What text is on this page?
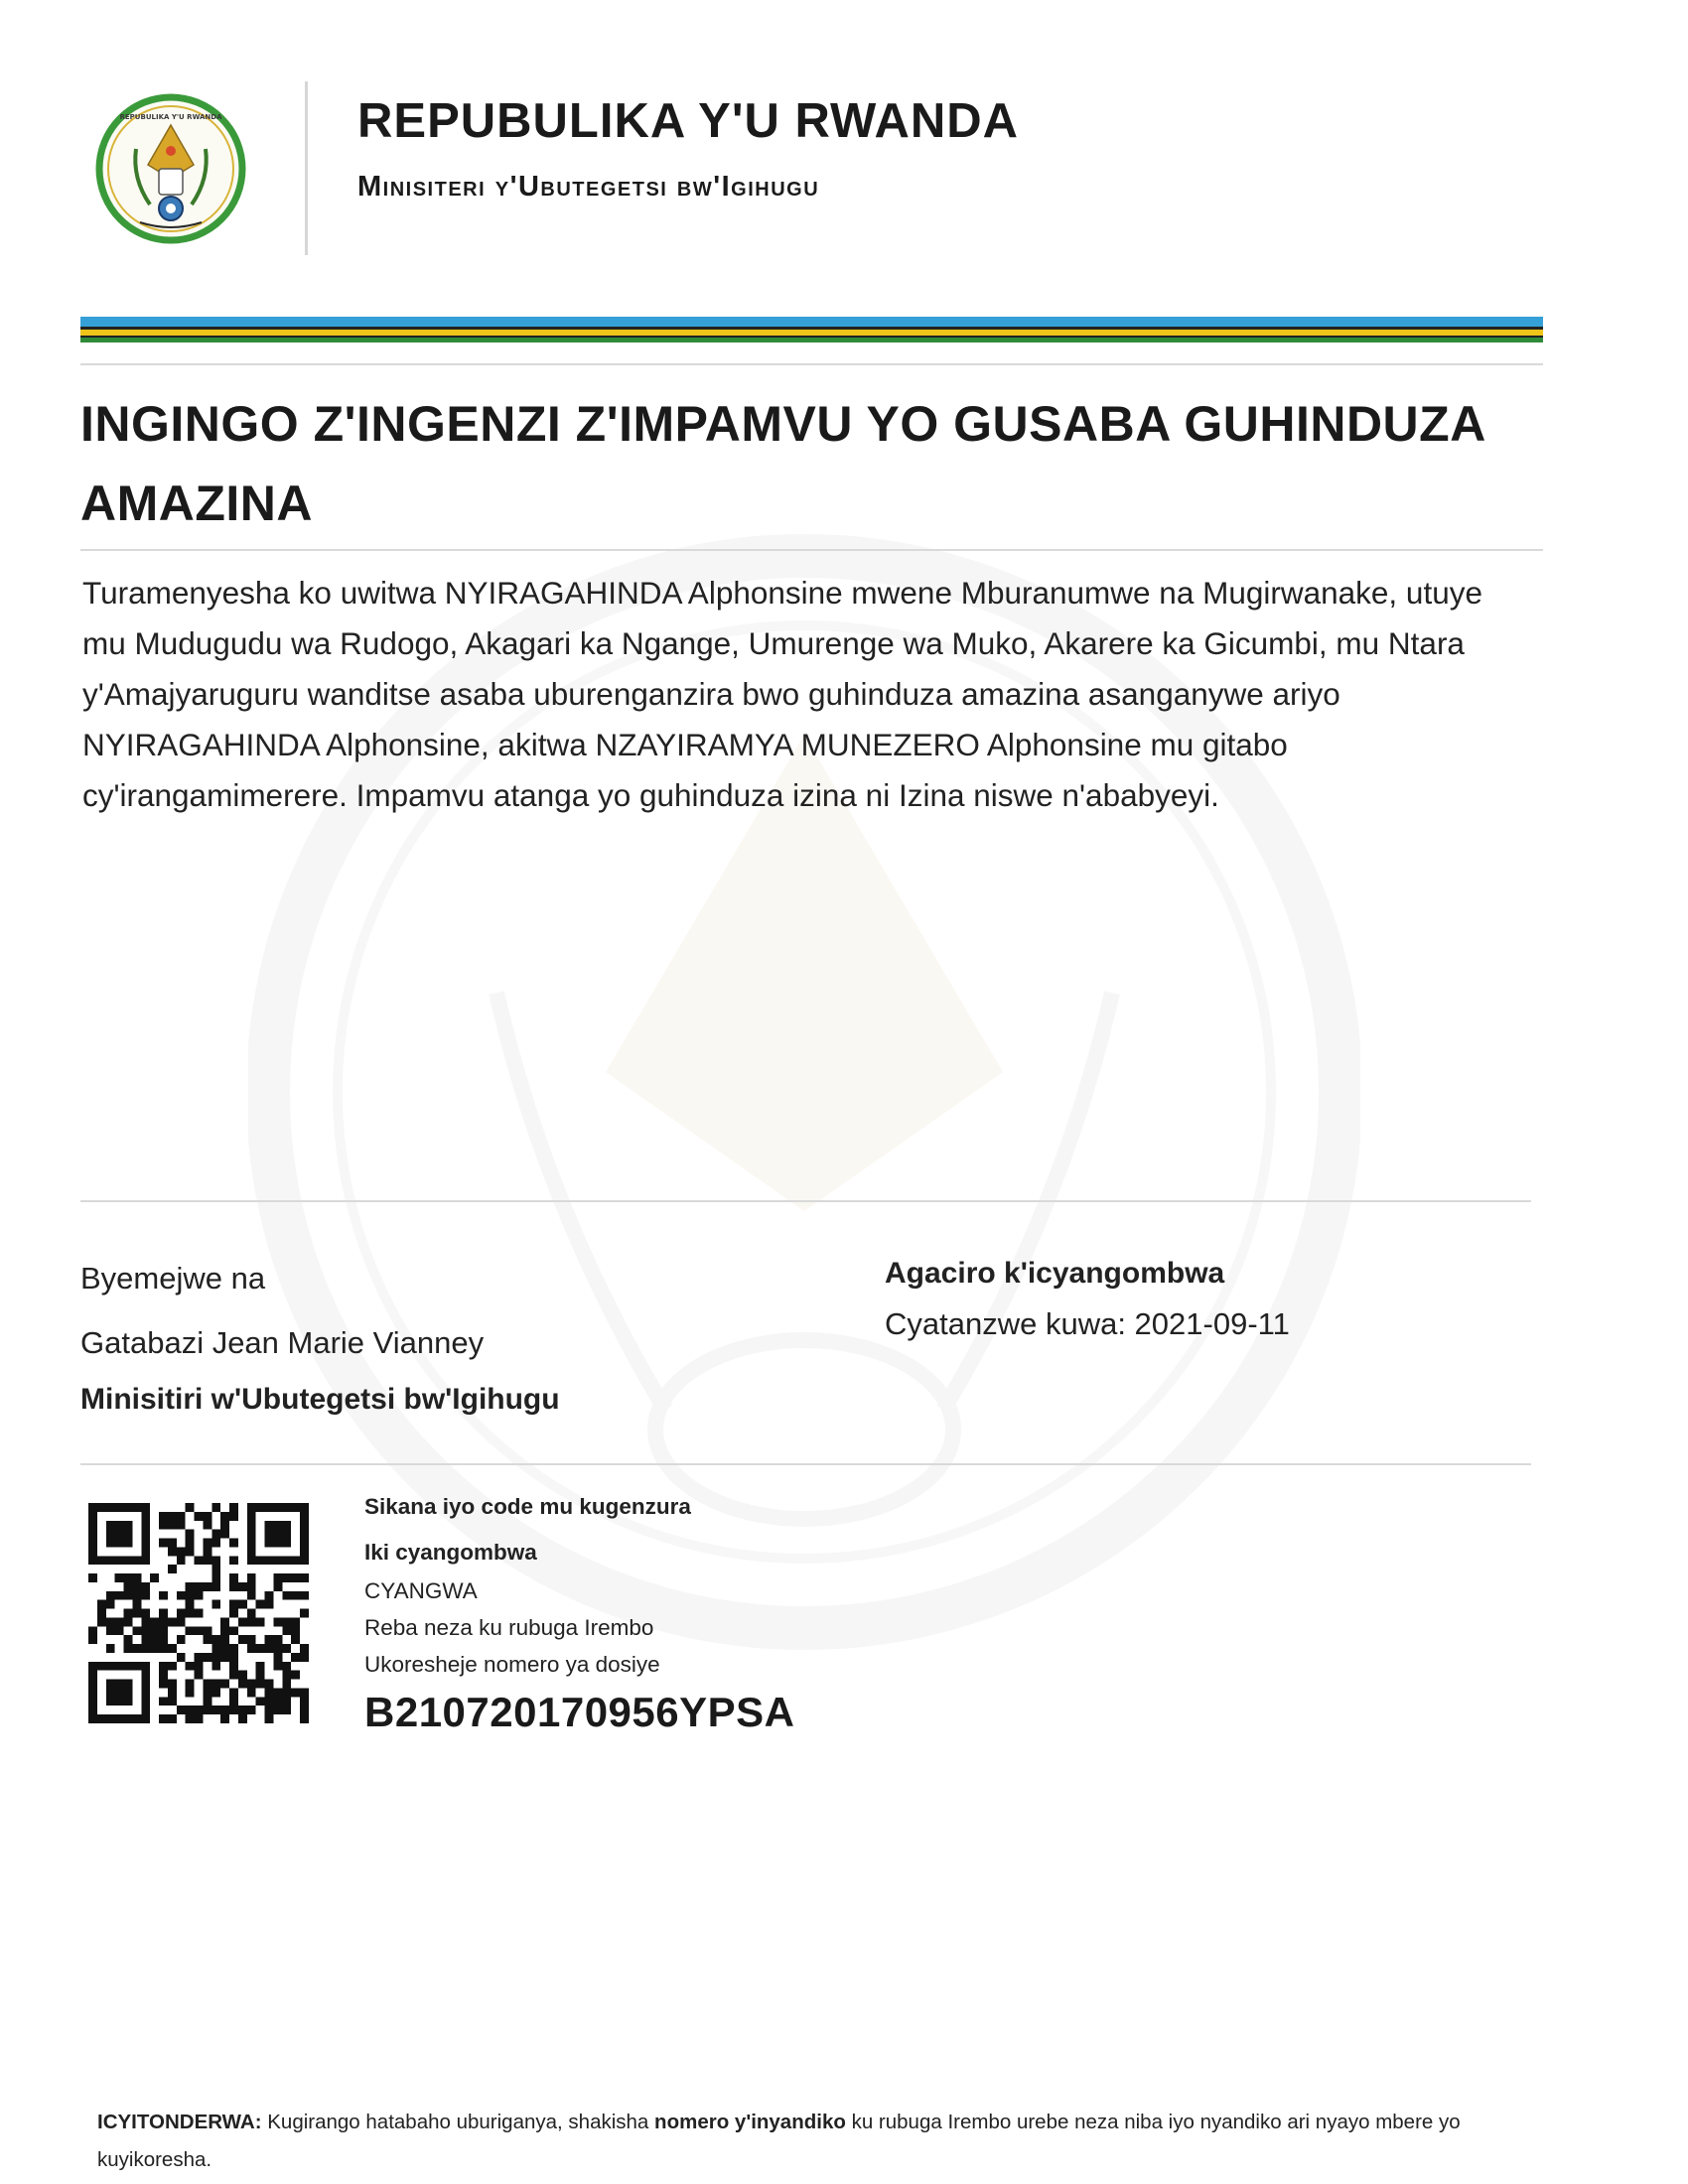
REPUBULIKA Y'U RWANDA	REPUBULIKA Y'U RWANDA
Minisiteri y'Ubutegetsi bw'Igihugu
INGINGO Z'INGENZI Z'IMPAMVU YO GUSABA GUHINDUZA AMAZINA
Turamenyesha ko uwitwa NYIRAGAHINDA Alphonsine mwene Mburanumwe na Mugirwanake, utuye mu Mudugudu wa Rudogo, Akagari ka Ngange, Umurenge wa Muko, Akarere ka Gicumbi, mu Ntara y'Amajyaruguru wanditse asaba uburenganzira bwo guhinduza amazina asanganywe ariyo NYIRAGAHINDA Alphonsine, akitwa NZAYIRAMYA MUNEZERO Alphonsine mu gitabo cy'irangamimerere. Impamvu atanga yo guhinduza izina ni Izina niswe n'ababyeyi.
Byemejwe na
Gatabazi Jean Marie Vianney
Minisitiri w'Ubutegetsi bw'Igihugu
Agaciro k'icyangombwa
Cyatanzwe kuwa: 2021-09-11
Sikana iyo code mu kugenzura
Iki cyangombwa
CYANGWA
Reba neza ku rubuga Irembo
Ukoresheje nomero ya dosiye
B210720170956YPSA
ICYITONDERWA: Kugirango hatabaho uburiganya, shakisha nomero y'inyandiko ku rubuga Irembo urebe neza niba iyo nyandiko ari nyayo mbere yo kuyikoresha.
